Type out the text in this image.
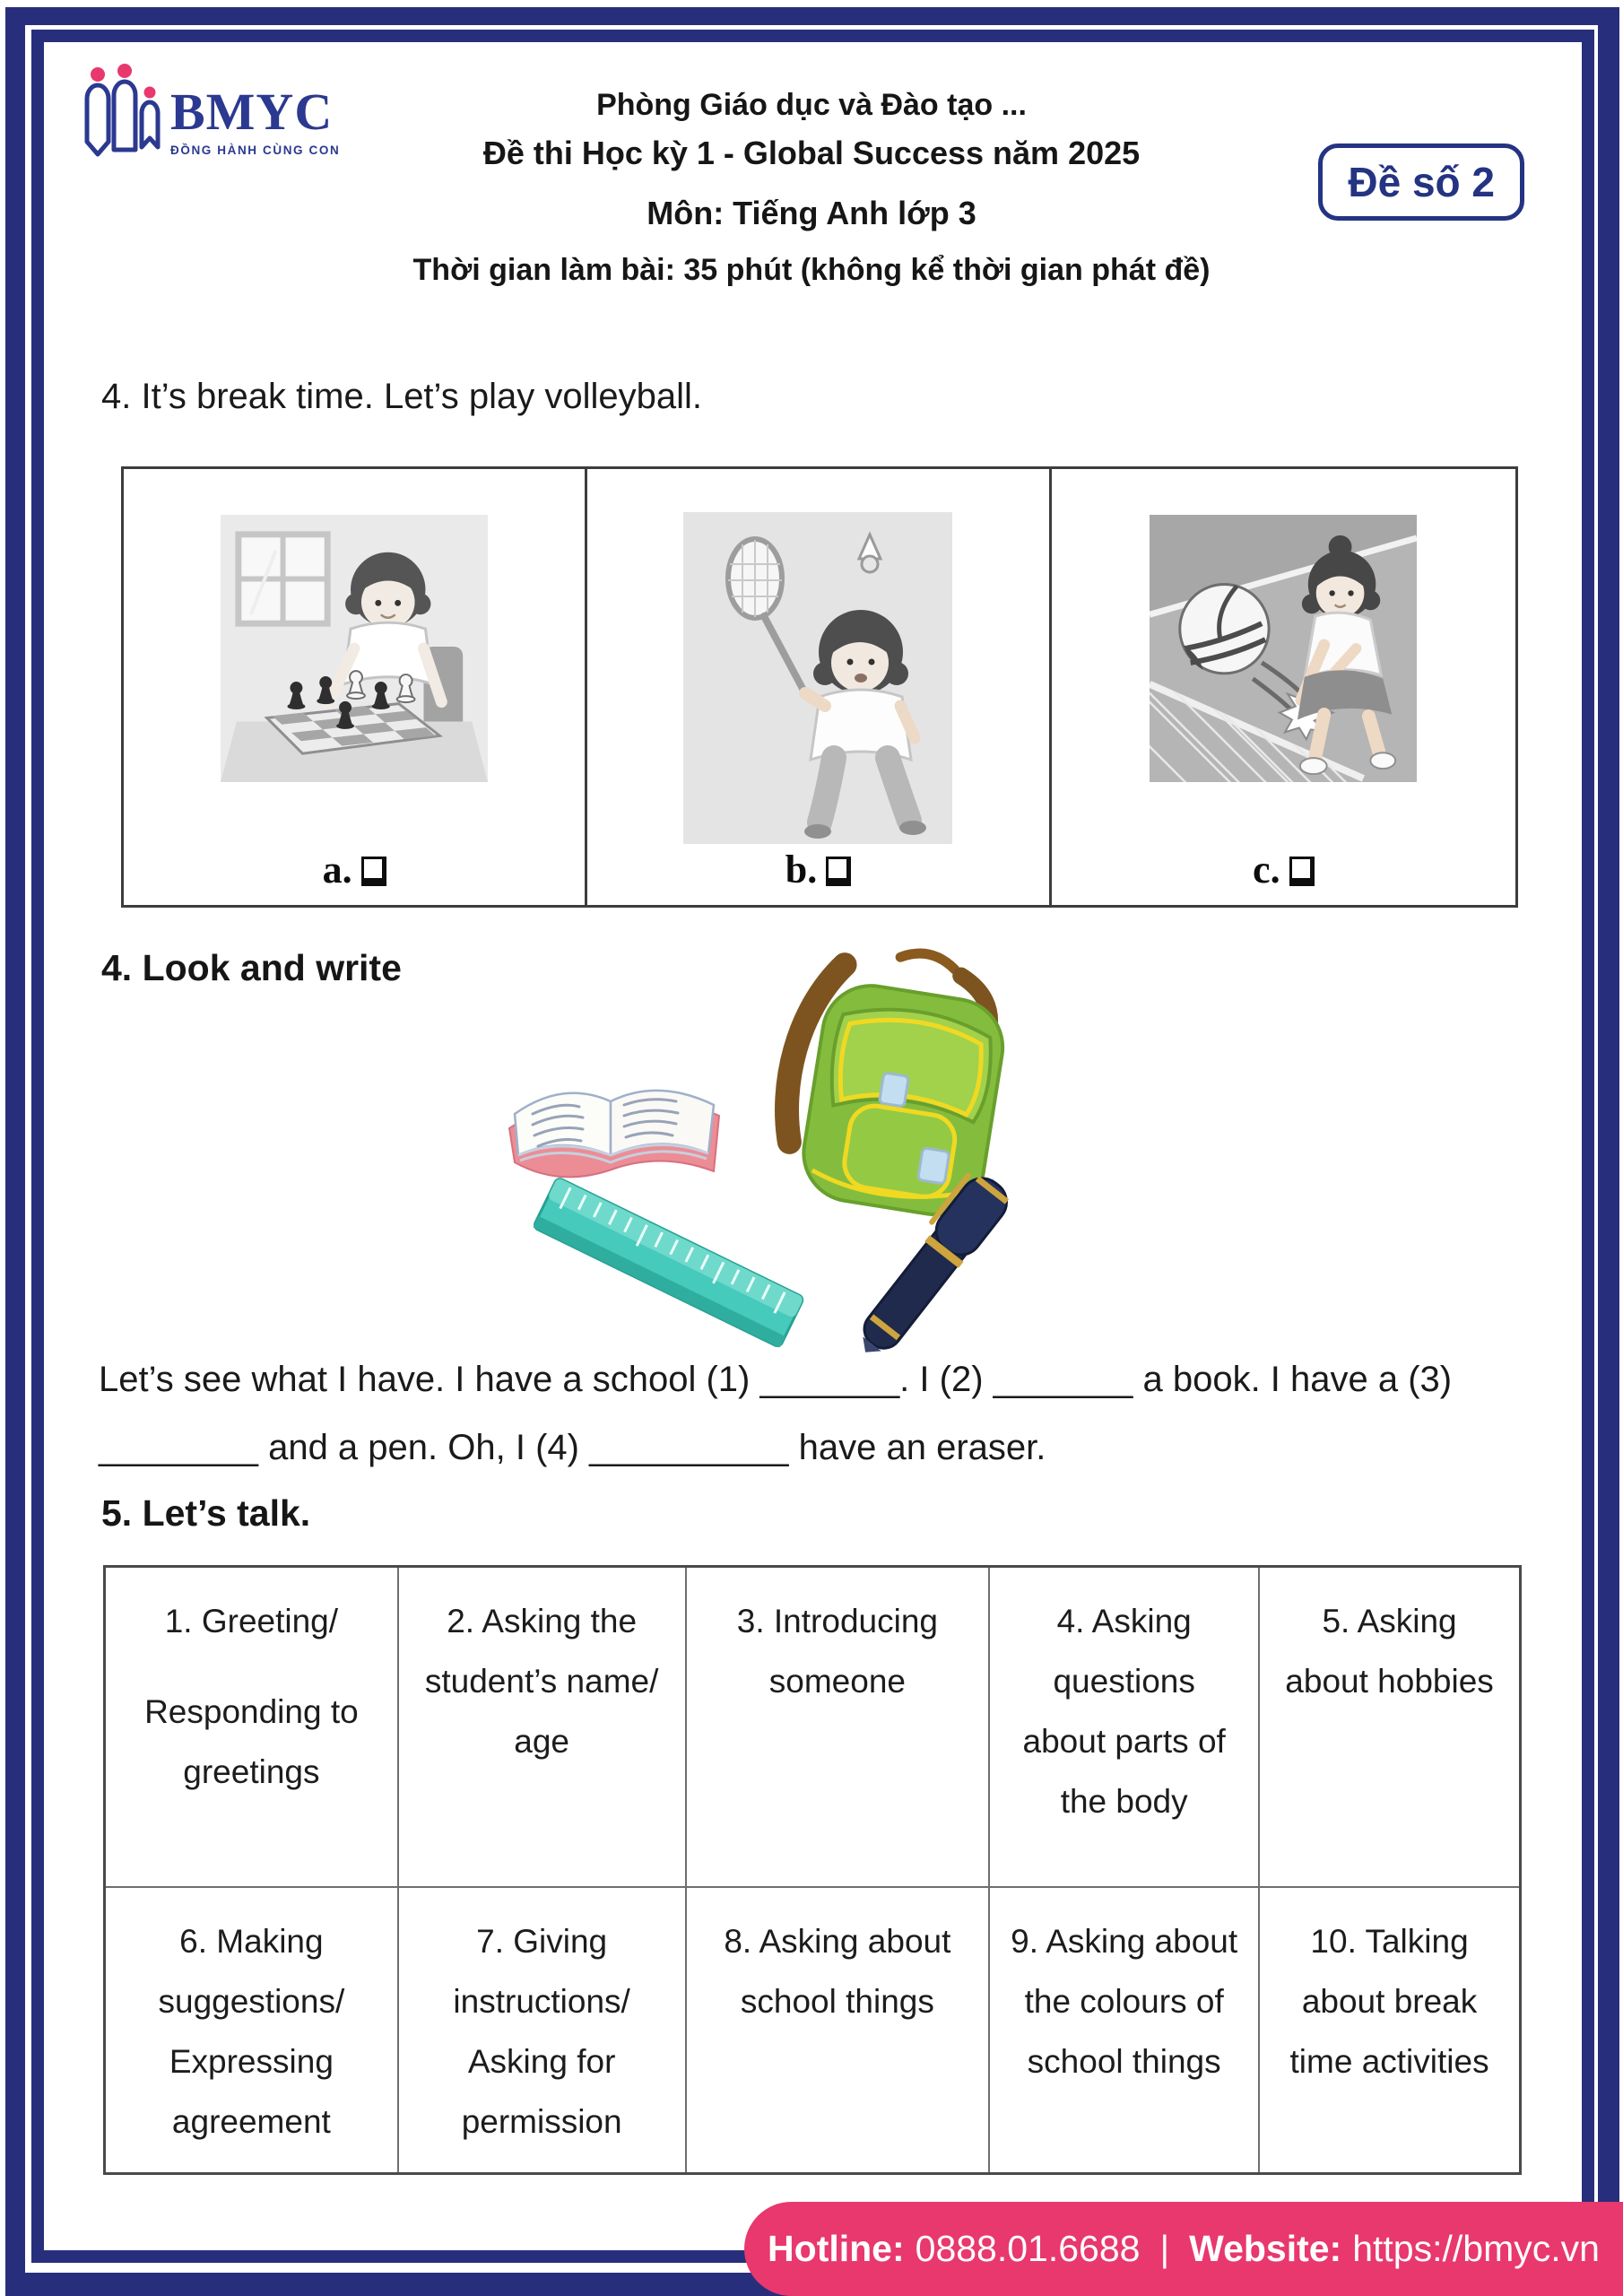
BMYC
ĐỒNG HÀNH CÙNG CON
Phòng Giáo dục và Đào tạo ...
Đề thi Học kỳ 1 - Global Success năm 2025
Môn: Tiếng Anh lớp 3
Thời gian làm bài: 35 phút (không kể thời gian phát đề)
Đề số 2
4. It’s break time. Let’s play volleyball.
a.	b.	c.
4. Look and write
Let’s see what I have. I have a school (1) _______. I (2) _______ a book. I have a (3)
________ and a pen. Oh, I (4) __________ have an eraser.
5. Let’s talk.
1. Greeting/
Responding to
greetings
2. Asking the
student’s name/
age
3. Introducing
someone
4. Asking
questions
about parts of
the body
5. Asking
about hobbies
6. Making
suggestions/
Expressing
agreement
7. Giving
instructions/
Asking for
permission
8. Asking about
school things
9. Asking about
the colours of
school things
10. Talking
about break
time activities
Hotline: 0888.01.6688 | Website: https://bmyc.vn
